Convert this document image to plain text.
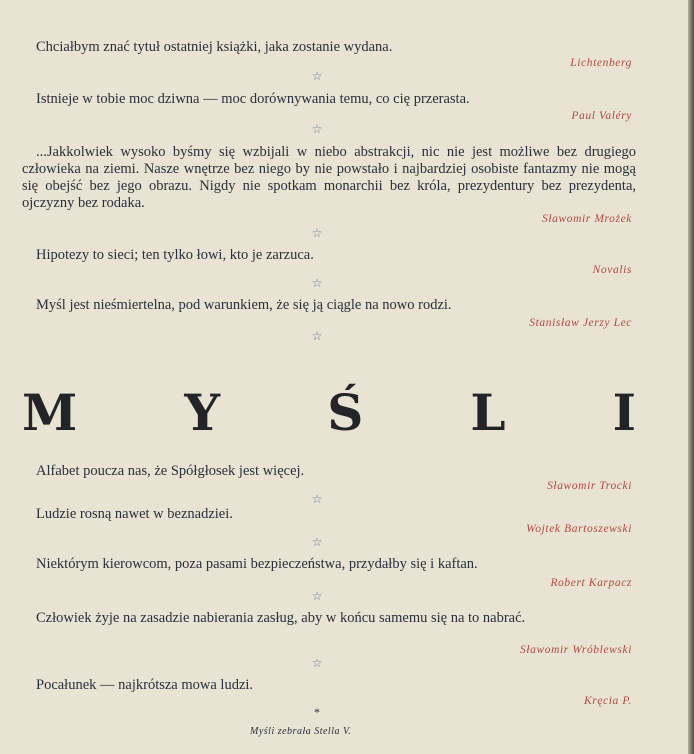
Chciałbym znać tytuł ostatniej książki, jaka zostanie wydana.
Lichtenberg
☆
Istnieje w tobie moc dziwna — moc dorównywania temu, co cię przerasta.
Paul Valéry
☆
...Jakkolwiek wysoko byśmy się wzbijali w niebo abstrakcji, nic nie jest możliwe bez drugiego człowieka na ziemi. Nasze wnętrze bez niego by nie powstało i najbardziej osobiste fantazmy nie mogą się obejść bez jego obrazu. Nigdy nie spotkam monarchii bez króla, prezydentury bez prezydenta, ojczyzny bez rodaka.
Sławomir Mrożek
☆
Hipotezy to sieci; ten tylko łowi, kto je zarzuca.
Novalis
☆
Myśl jest nieśmiertelna, pod warunkiem, że się ją ciągle na nowo rodzi.
Stanisław Jerzy Lec
☆
M Y Ś L I
Alfabet poucza nas, że Spółgłosek jest więcej.
Sławomir Trocki
☆
Ludzie rosną nawet w beznadziei.
Wojtek Bartoszewski
☆
Niektórym kierowcom, poza pasami bezpieczeństwa, przydałby się i kaftan.
Robert Karpacz
☆
Człowiek żyje na zasadzie nabierania zasług, aby w końcu samemu się na to nabrać.
Sławomir Wróblewski
☆
Pocałunek — najkrótsza mowa ludzi.
Kręcia P.
*
Myśli zebrała Stella V.
